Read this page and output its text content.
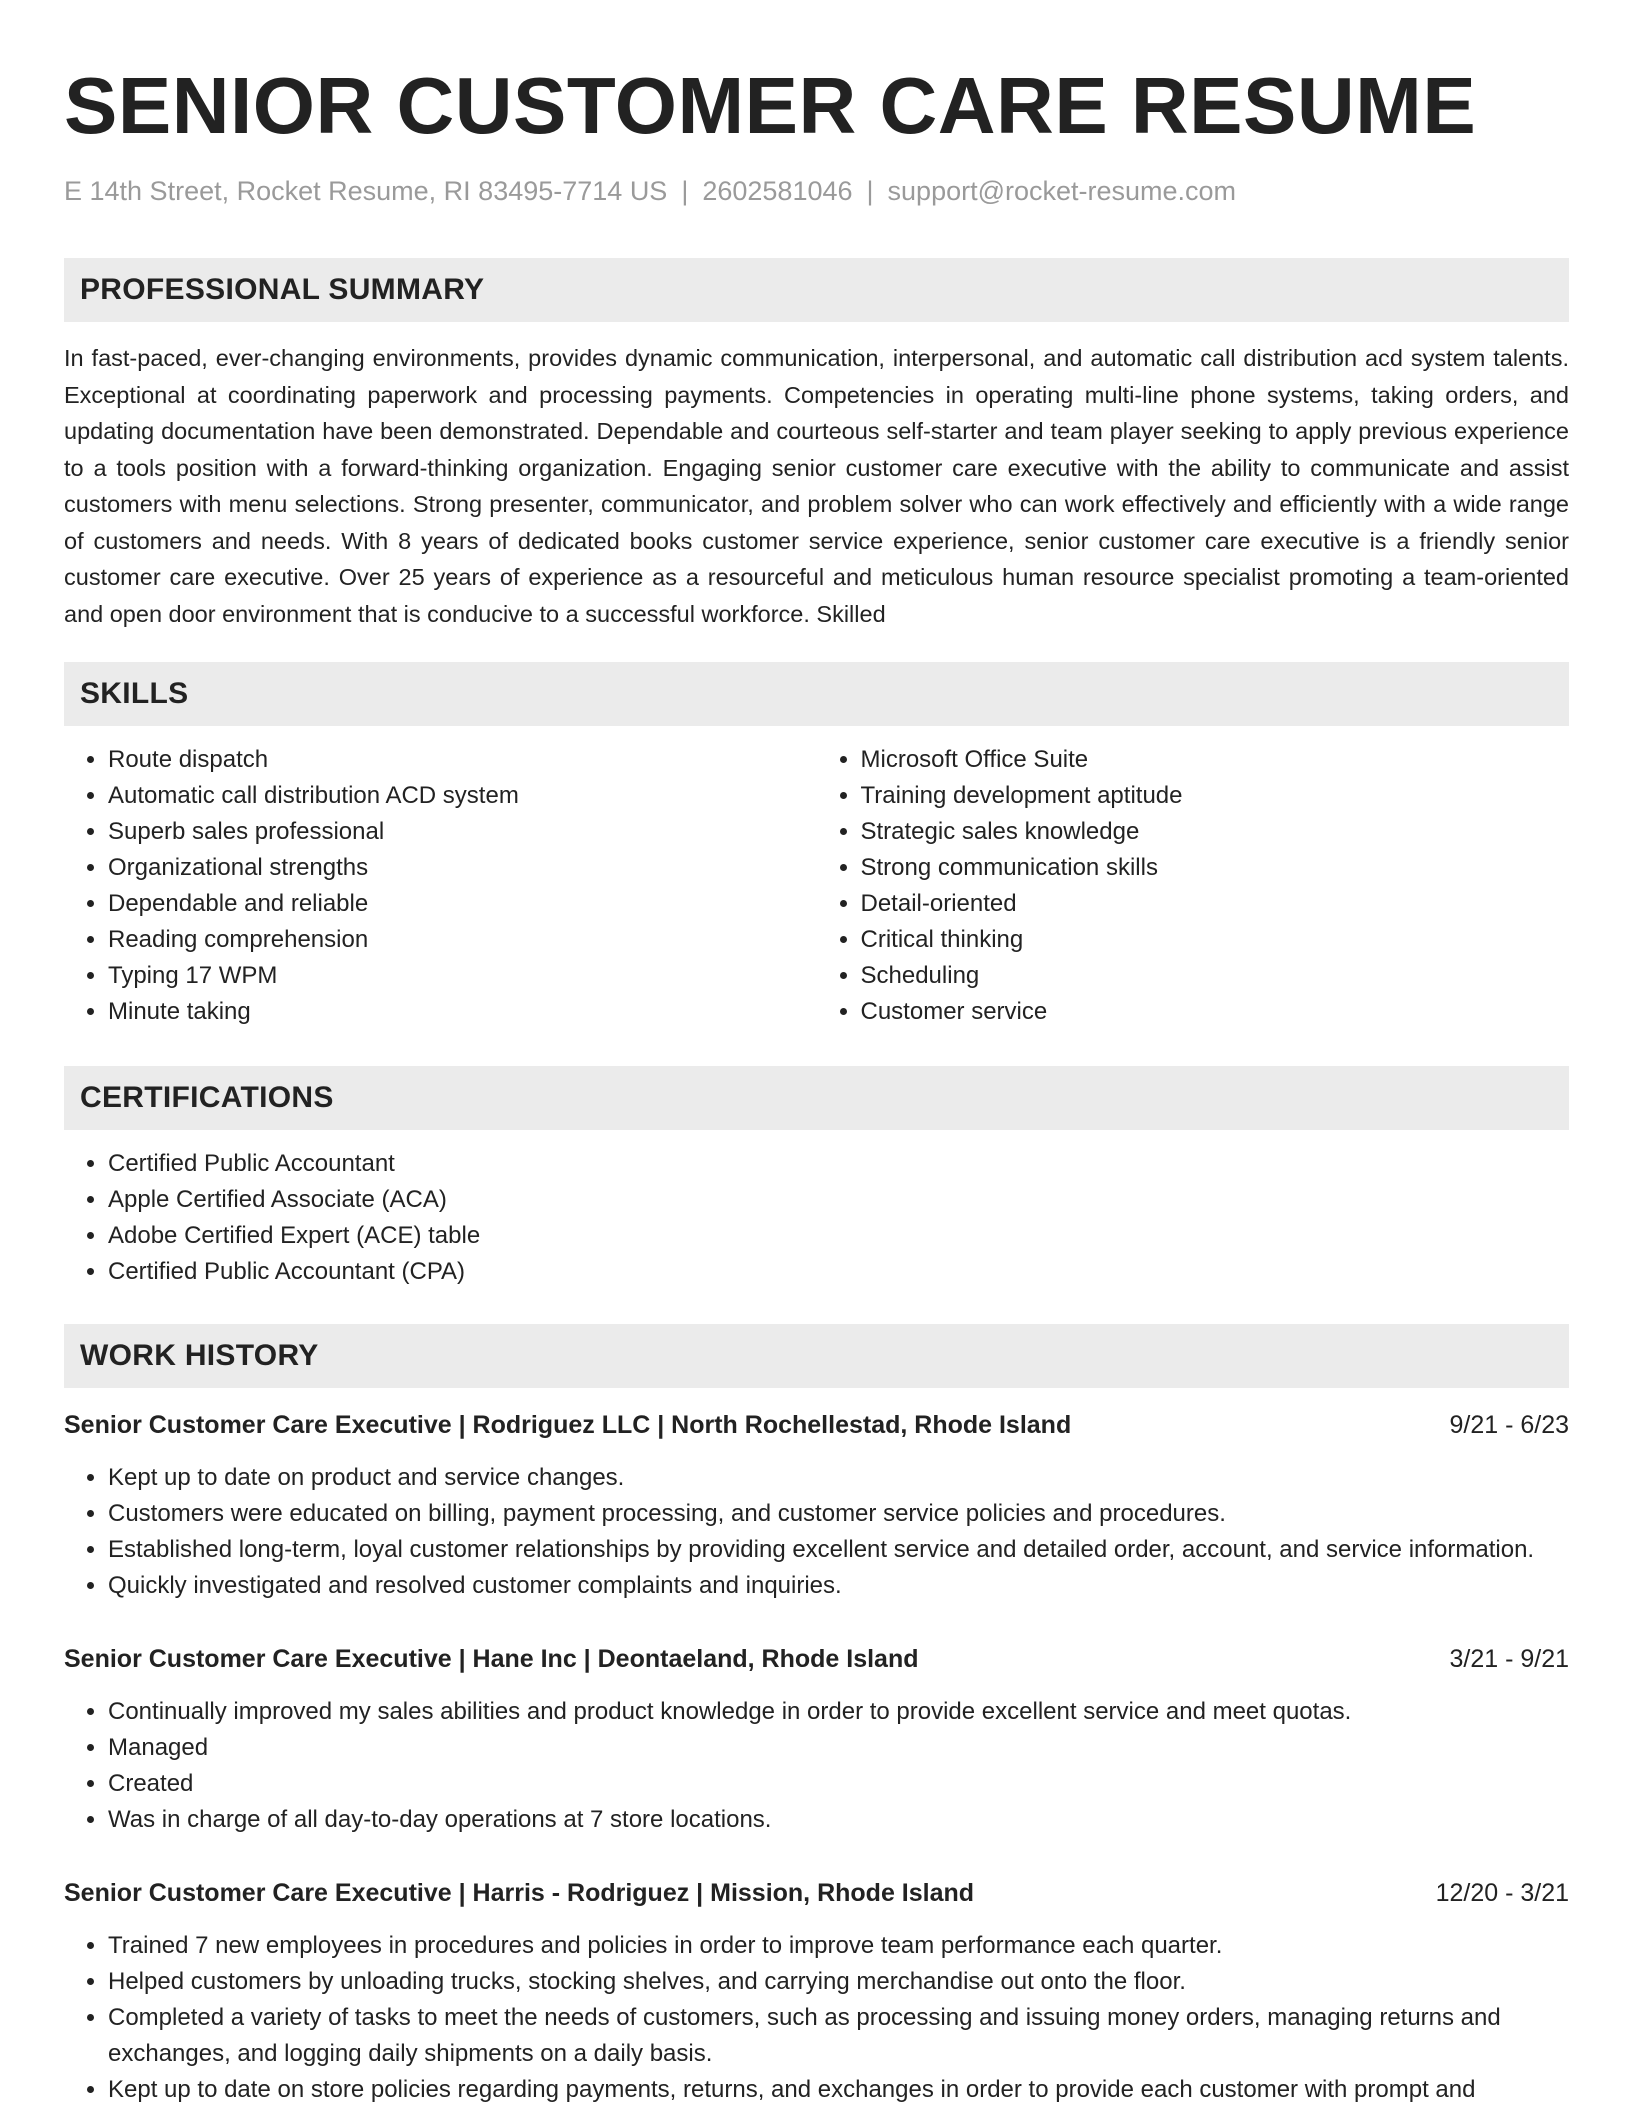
SENIOR CUSTOMER CARE RESUME
E 14th Street, Rocket Resume, RI 83495-7714 US | 2602581046 | support@rocket-resume.com
PROFESSIONAL SUMMARY

In fast-paced, ever-changing environments, provides dynamic communication, interpersonal, and automatic call distribution acd system talents. Exceptional at coordinating paperwork and processing payments. Competencies in operating multi-line phone systems, taking orders, and updating documentation have been demonstrated. Dependable and courteous self-starter and team player seeking to apply previous experience to a tools position with a forward-thinking organization. Engaging senior customer care executive with the ability to communicate and assist customers with menu selections. Strong presenter, communicator, and problem solver who can work effectively and efficiently with a wide range of customers and needs. With 8 years of dedicated books customer service experience, senior customer care executive is a friendly senior customer care executive. Over 25 years of experience as a resourceful and meticulous human resource specialist promoting a team-oriented and open door environment that is conducive to a successful workforce. Skilled

SKILLS
• Route dispatch
• Automatic call distribution ACD system
• Superb sales professional
• Organizational strengths
• Dependable and reliable
• Reading comprehension
• Typing 17 WPM
• Minute taking
• Microsoft Office Suite
• Training development aptitude
• Strategic sales knowledge
• Strong communication skills
• Detail-oriented
• Critical thinking
• Scheduling
• Customer service
CERTIFICATIONS
• Certified Public Accountant
• Apple Certified Associate (ACA)
• Adobe Certified Expert (ACE) table
• Certified Public Accountant (CPA)
WORK HISTORY
Senior Customer Care Executive | Rodriguez LLC | North Rochellestad, Rhode Island	9/21 - 6/23
• Kept up to date on product and service changes.
• Customers were educated on billing, payment processing, and customer service policies and procedures.
• Established long-term, loyal customer relationships by providing excellent service and detailed order, account, and service information.
• Quickly investigated and resolved customer complaints and inquiries.
Senior Customer Care Executive | Hane Inc | Deontaeland, Rhode Island	3/21 - 9/21
• Continually improved my sales abilities and product knowledge in order to provide excellent service and meet quotas.
• Managed
• Created
• Was in charge of all day-to-day operations at 7 store locations.
Senior Customer Care Executive | Harris - Rodriguez | Mission, Rhode Island	12/20 - 3/21
• Trained 7 new employees in procedures and policies in order to improve team performance each quarter.
• Helped customers by unloading trucks, stocking shelves, and carrying merchandise out onto the floor.
• Completed a variety of tasks to meet the needs of customers, such as processing and issuing money orders, managing returns and exchanges, and logging daily shipments on a daily basis.
• Kept up to date on store policies regarding payments, returns, and exchanges in order to provide each customer with prompt and
